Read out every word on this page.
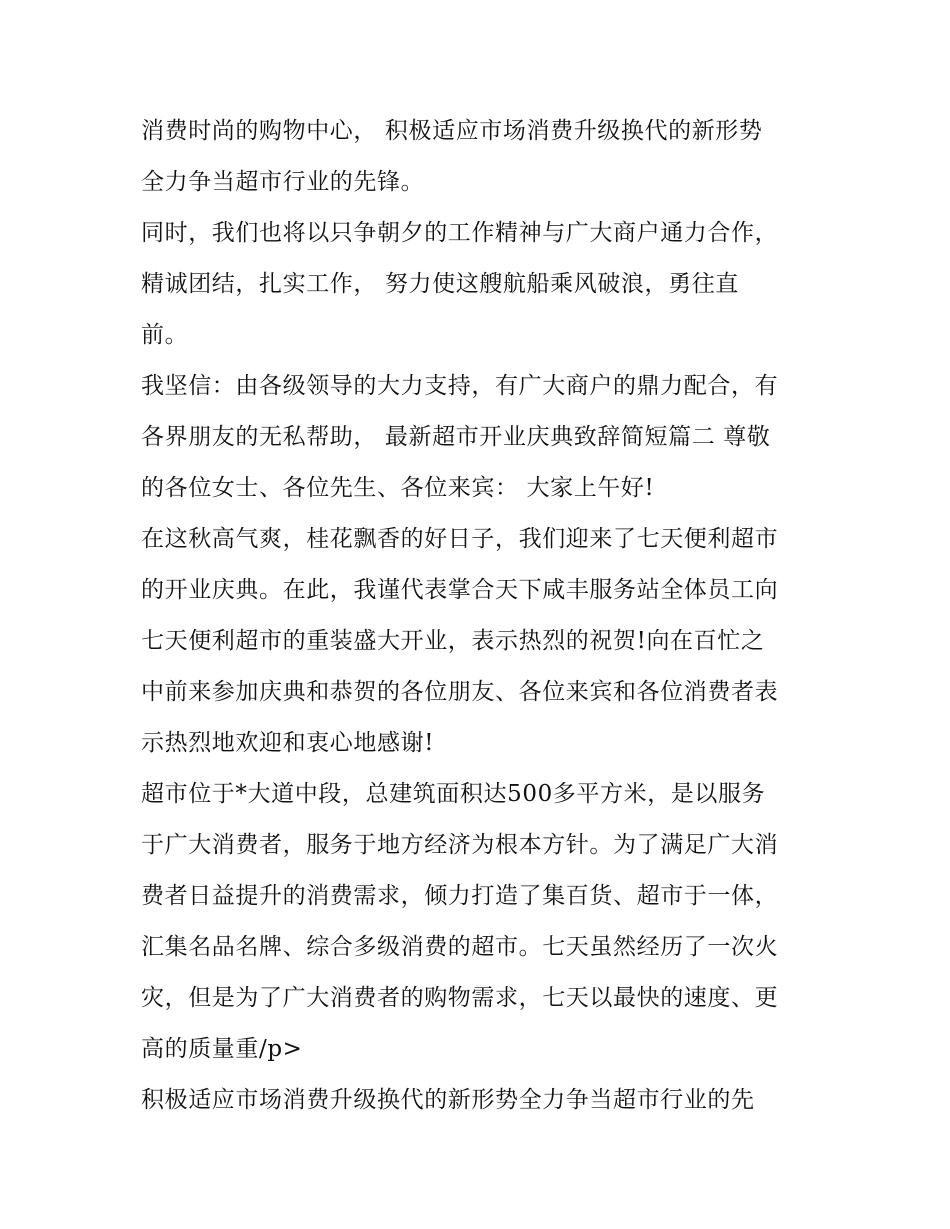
消费时尚的购物中心， 积极适应市场消费升级换代的新形势
全力争当超市行业的先锋。
同时，我们也将以只争朝夕的工作精神与广大商户通力合作，
精诚团结，扎实工作， 努力使这艘航船乘风破浪，勇往直
前。
我坚信：由各级领导的大力支持，有广大商户的鼎力配合，有
各界朋友的无私帮助， 最新超市开业庆典致辞简短篇二 尊敬
的各位女士、各位先生、各位来宾： 大家上午好!
在这秋高气爽，桂花飘香的好日子，我们迎来了七天便利超市
的开业庆典。在此，我谨代表掌合天下咸丰服务站全体员工向
七天便利超市的重装盛大开业，表示热烈的祝贺!向在百忙之
中前来参加庆典和恭贺的各位朋友、各位来宾和各位消费者表
示热烈地欢迎和衷心地感谢!
超市位于*大道中段，总建筑面积达500多平方米，是以服务
于广大消费者，服务于地方经济为根本方针。为了满足广大消
费者日益提升的消费需求，倾力打造了集百货、超市于一体，
汇集名品名牌、综合多级消费的超市。七天虽然经历了一次火
灾，但是为了广大消费者的购物需求，七天以最快的速度、更
高的质量重/p>
积极适应市场消费升级换代的新形势全力争当超市行业的先
